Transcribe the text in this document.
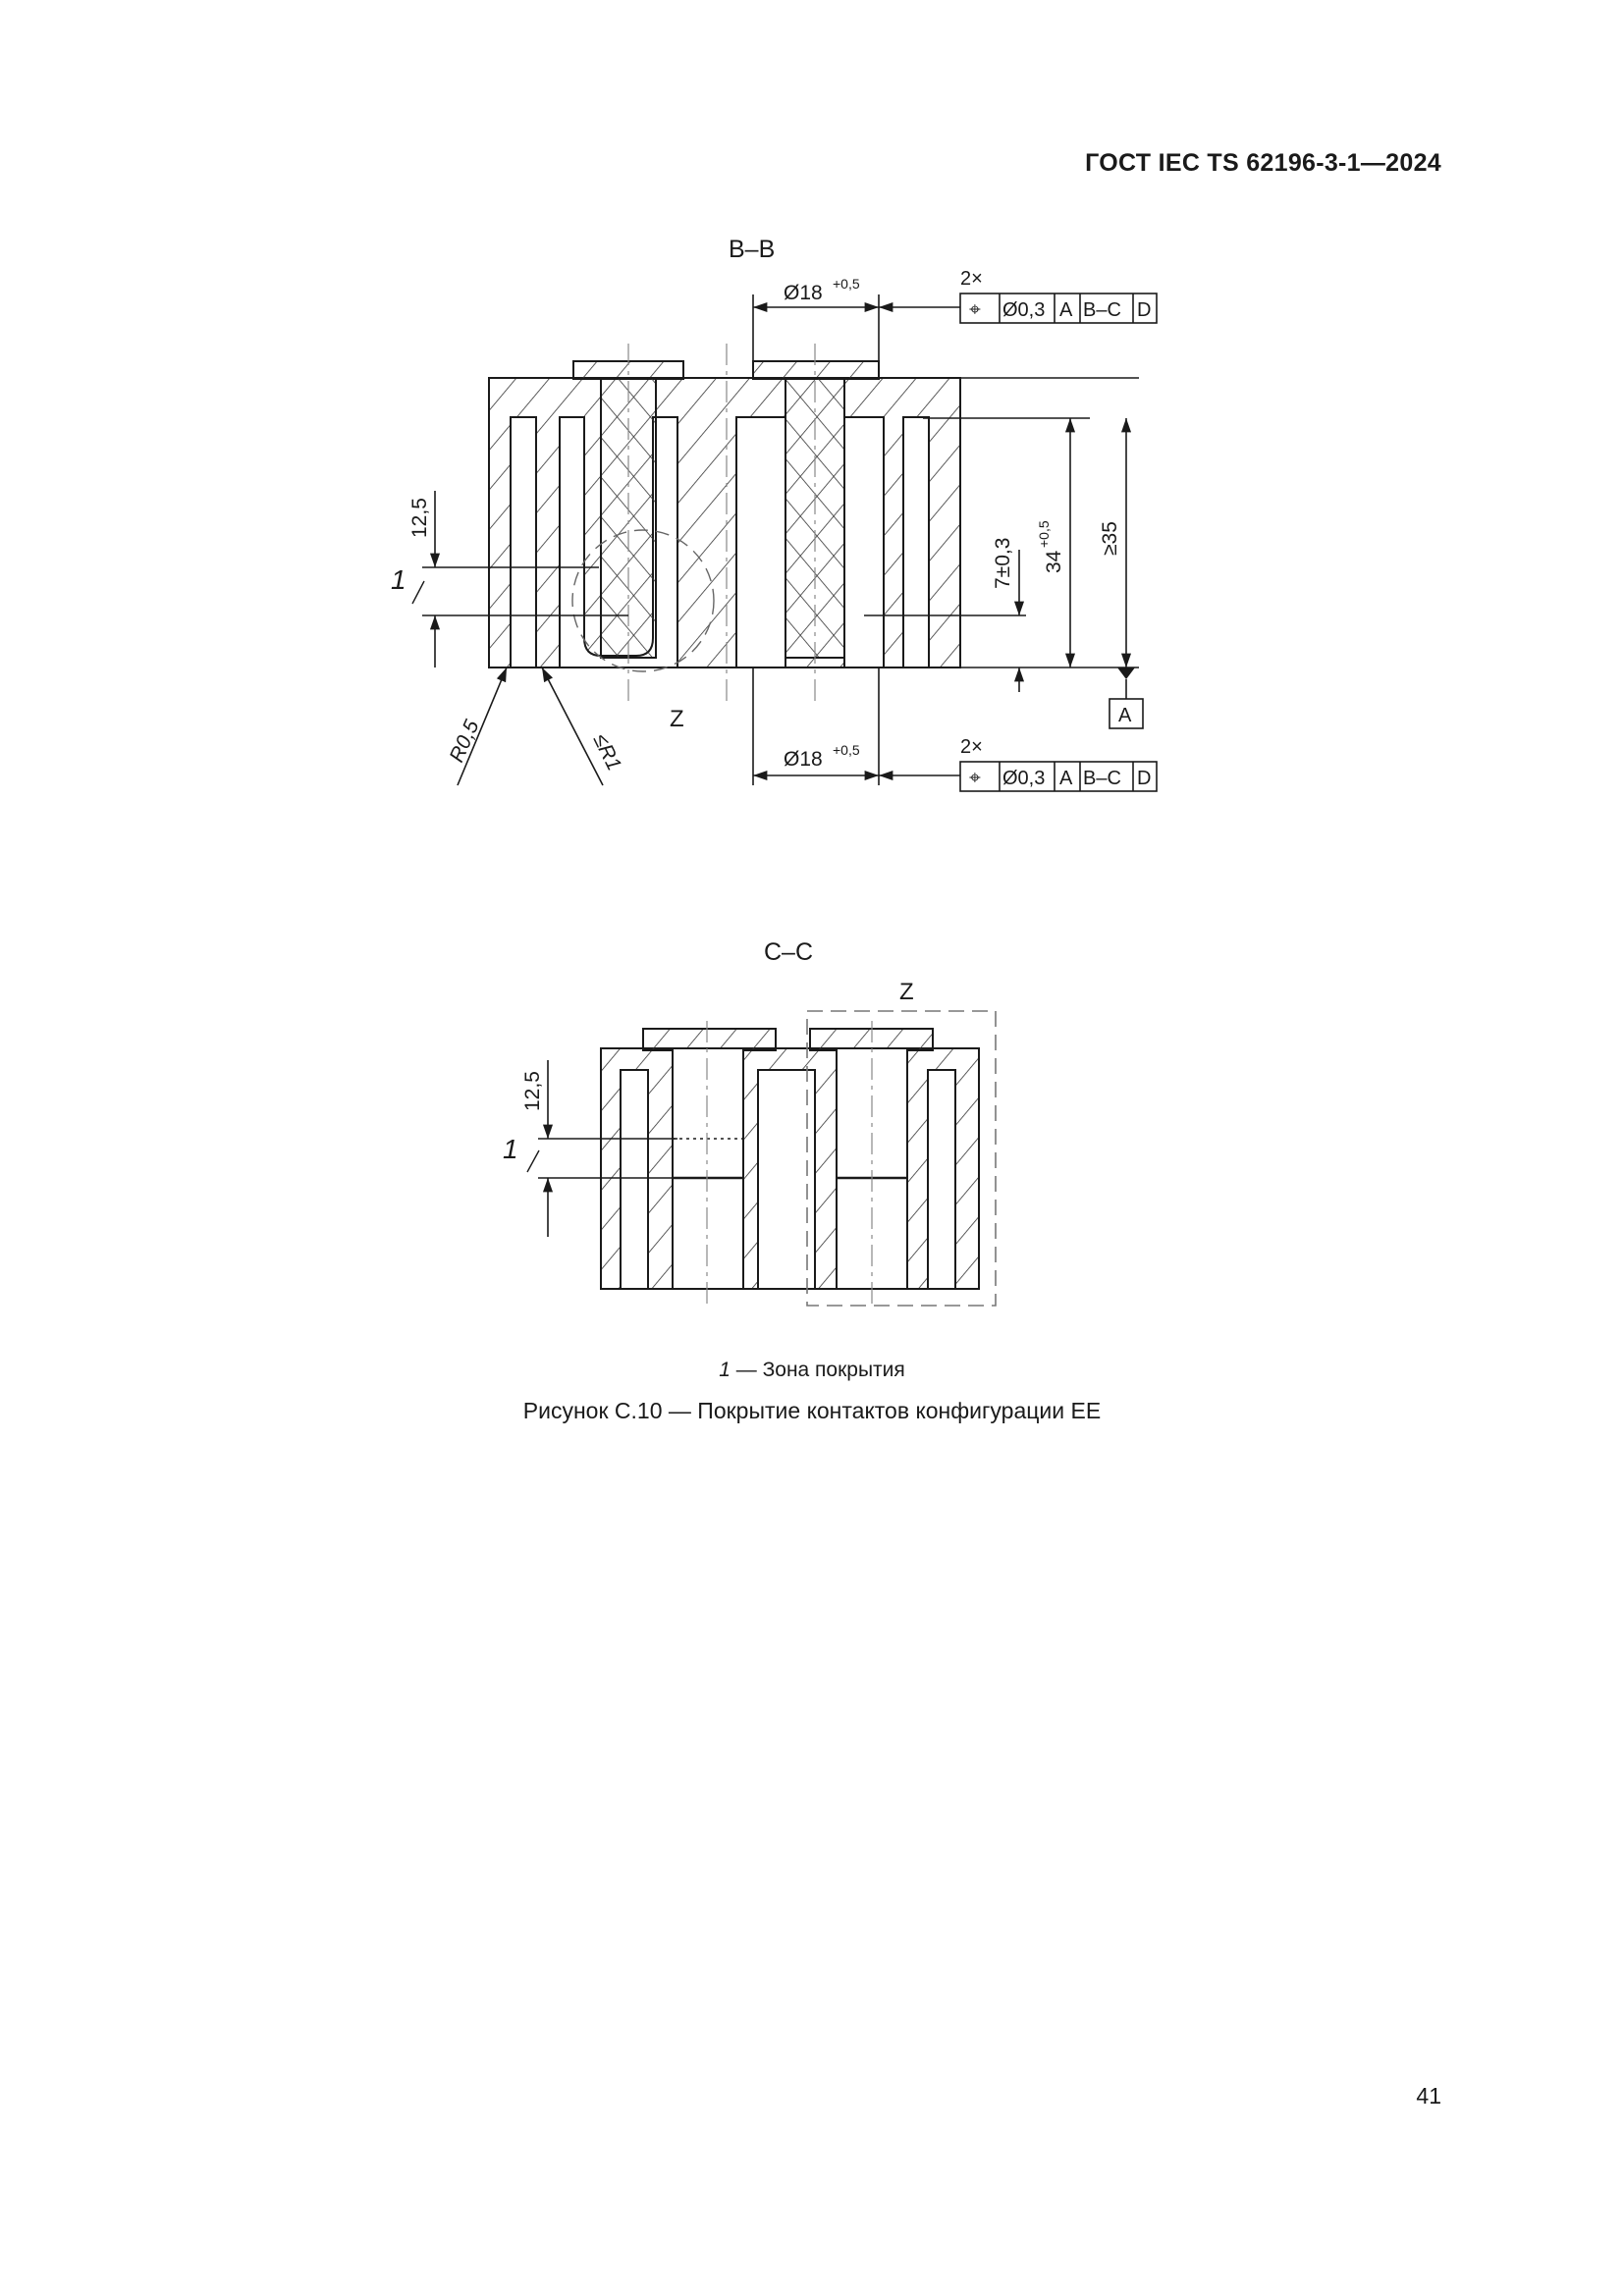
ГОСТ IEC TS 62196-3-1—2024
B–B
Ø18 +0,5	2×
⌖ Ø0,3 A B–C D
12,5
1	7±0,3 34
+0,5 ≥35
A
R0,5	≤R1
Z
Ø18 +0,5	2×
⌖ Ø0,3 A B–C D
C–C
Z
12,5
1
1 — Зона покрытия
Рисунок С.10 — Покрытие контактов конфигурации ЕЕ
41
